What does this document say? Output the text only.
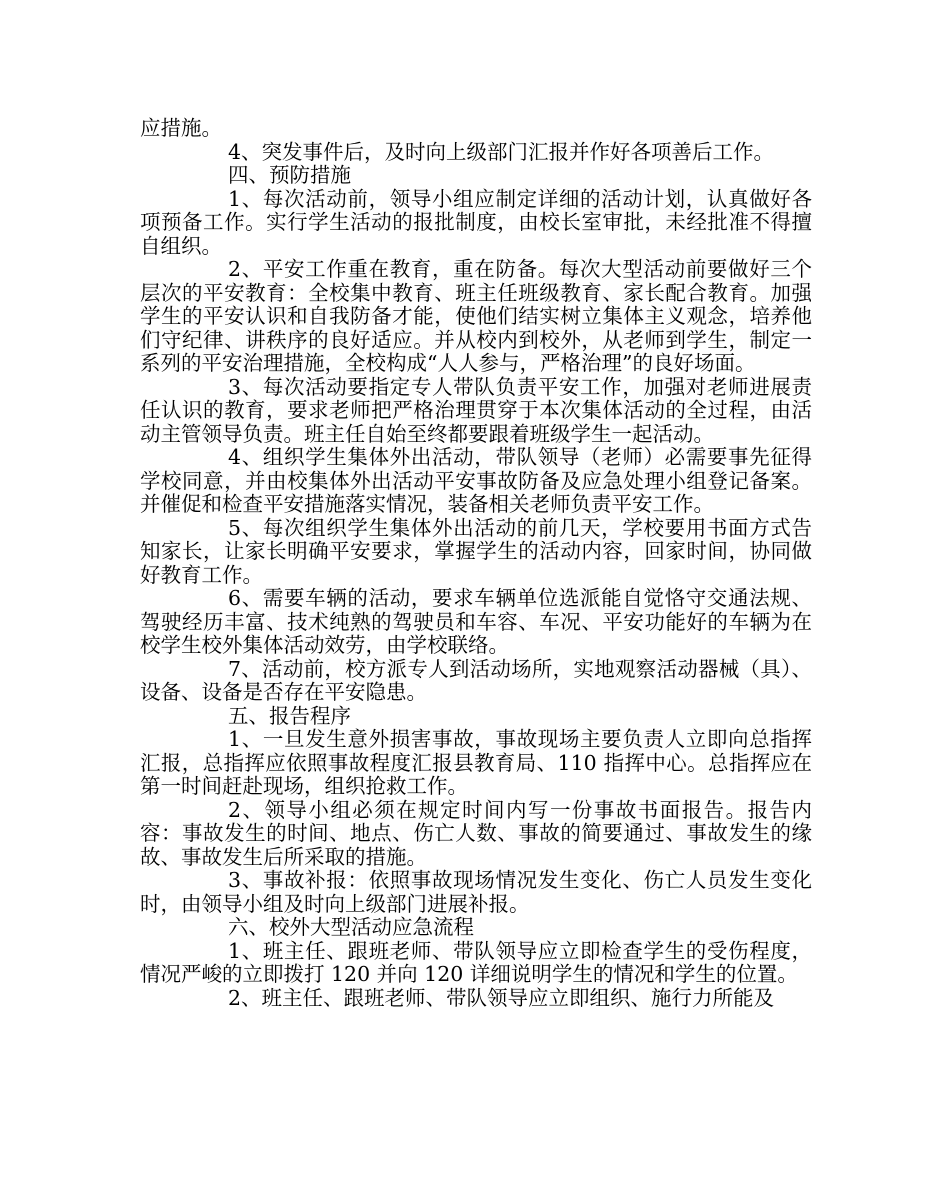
应措施。

4、突发事件后，及时向上级部门汇报并作好各项善后工作。

四、预防措施

1、每次活动前，领导小组应制定详细的活动计划，认真做好各项预备工作。实行学生活动的报批制度，由校长室审批，未经批准不得擅自组织。

2、平安工作重在教育，重在防备。每次大型活动前要做好三个层次的平安教育：全校集中教育、班主任班级教育、家长配合教育。加强学生的平安认识和自我防备才能，使他们结实树立集体主义观念，培养他们守纪律、讲秩序的良好适应。并从校内到校外，从老师到学生，制定一系列的平安治理措施，全校构成“人人参与，严格治理”的良好场面。

3、每次活动要指定专人带队负责平安工作，加强对老师进展责任认识的教育，要求老师把严格治理贯穿于本次集体活动的全过程，由活动主管领导负责。班主任自始至终都要跟着班级学生一起活动。

4、组织学生集体外出活动，带队领导（老师）必需要事先征得学校同意，并由校集体外出活动平安事故防备及应急处理小组登记备案。并催促和检查平安措施落实情况，装备相关老师负责平安工作。

5、每次组织学生集体外出活动的前几天，学校要用书面方式告知家长，让家长明确平安要求，掌握学生的活动内容，回家时间，协同做好教育工作。

6、需要车辆的活动，要求车辆单位选派能自觉恪守交通法规、驾驶经历丰富、技术纯熟的驾驶员和车容、车况、平安功能好的车辆为在校学生校外集体活动效劳，由学校联络。

7、活动前，校方派专人到活动场所，实地观察活动器械（具）、设备、设备是否存在平安隐患。

五、报告程序

1、一旦发生意外损害事故，事故现场主要负责人立即向总指挥汇报，总指挥应依照事故程度汇报县教育局、110 指挥中心。总指挥应在第一时间赶赴现场，组织抢救工作。

2、领导小组必须在规定时间内写一份事故书面报告。报告内容：事故发生的时间、地点、伤亡人数、事故的简要通过、事故发生的缘故、事故发生后所采取的措施。

3、事故补报：依照事故现场情况发生变化、伤亡人员发生变化时，由领导小组及时向上级部门进展补报。

六、校外大型活动应急流程

1、班主任、跟班老师、带队领导应立即检查学生的受伤程度，情况严峻的立即拨打 120 并向 120 详细说明学生的情况和学生的位置。

2、班主任、跟班老师、带队领导应立即组织、施行力所能及
